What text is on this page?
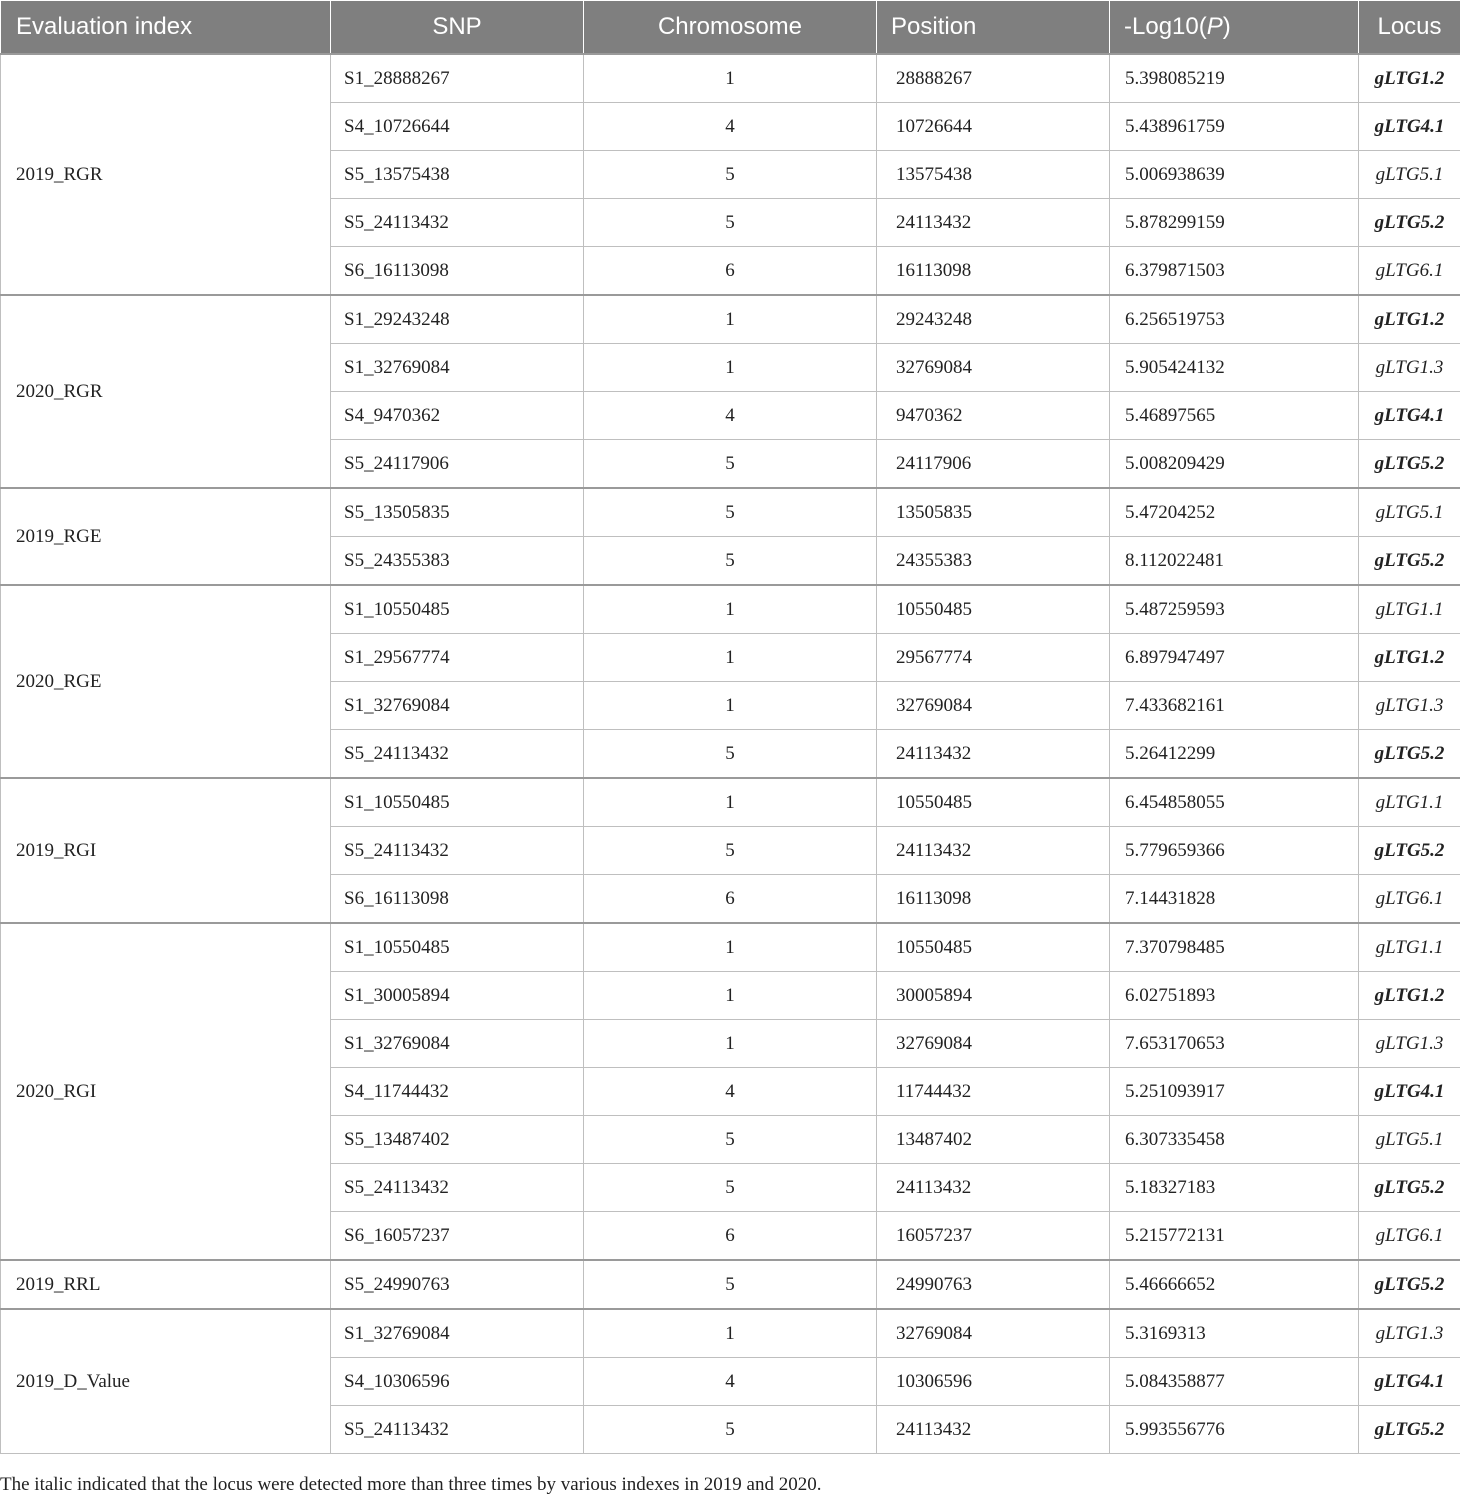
Evaluation index	SNP	Chromosome	Position	-Log10(P)	Locus
2019_RGR	S1_28888267	1	28888267	5.398085219	gLTG1.2
	S4_10726644	4	10726644	5.438961759	gLTG4.1
	S5_13575438	5	13575438	5.006938639	gLTG5.1
	S5_24113432	5	24113432	5.878299159	gLTG5.2
	S6_16113098	6	16113098	6.379871503	gLTG6.1
2020_RGR	S1_29243248	1	29243248	6.256519753	gLTG1.2
	S1_32769084	1	32769084	5.905424132	gLTG1.3
	S4_9470362	4	9470362	5.46897565	gLTG4.1
	S5_24117906	5	24117906	5.008209429	gLTG5.2
2019_RGE	S5_13505835	5	13505835	5.47204252	gLTG5.1
	S5_24355383	5	24355383	8.112022481	gLTG5.2
2020_RGE	S1_10550485	1	10550485	5.487259593	gLTG1.1
	S1_29567774	1	29567774	6.897947497	gLTG1.2
	S1_32769084	1	32769084	7.433682161	gLTG1.3
	S5_24113432	5	24113432	5.26412299	gLTG5.2
2019_RGI	S1_10550485	1	10550485	6.454858055	gLTG1.1
	S5_24113432	5	24113432	5.779659366	gLTG5.2
	S6_16113098	6	16113098	7.14431828	gLTG6.1
2020_RGI	S1_10550485	1	10550485	7.370798485	gLTG1.1
	S1_30005894	1	30005894	6.02751893	gLTG1.2
	S1_32769084	1	32769084	7.653170653	gLTG1.3
	S4_11744432	4	11744432	5.251093917	gLTG4.1
	S5_13487402	5	13487402	6.307335458	gLTG5.1
	S5_24113432	5	24113432	5.18327183	gLTG5.2
	S6_16057237	6	16057237	5.215772131	gLTG6.1
2019_RRL	S5_24990763	5	24990763	5.46666652	gLTG5.2
2019_D_Value	S1_32769084	1	32769084	5.3169313	gLTG1.3
	S4_10306596	4	10306596	5.084358877	gLTG4.1
	S5_24113432	5	24113432	5.993556776	gLTG5.2
The italic indicated that the locus were detected more than three times by various indexes in 2019 and 2020.
